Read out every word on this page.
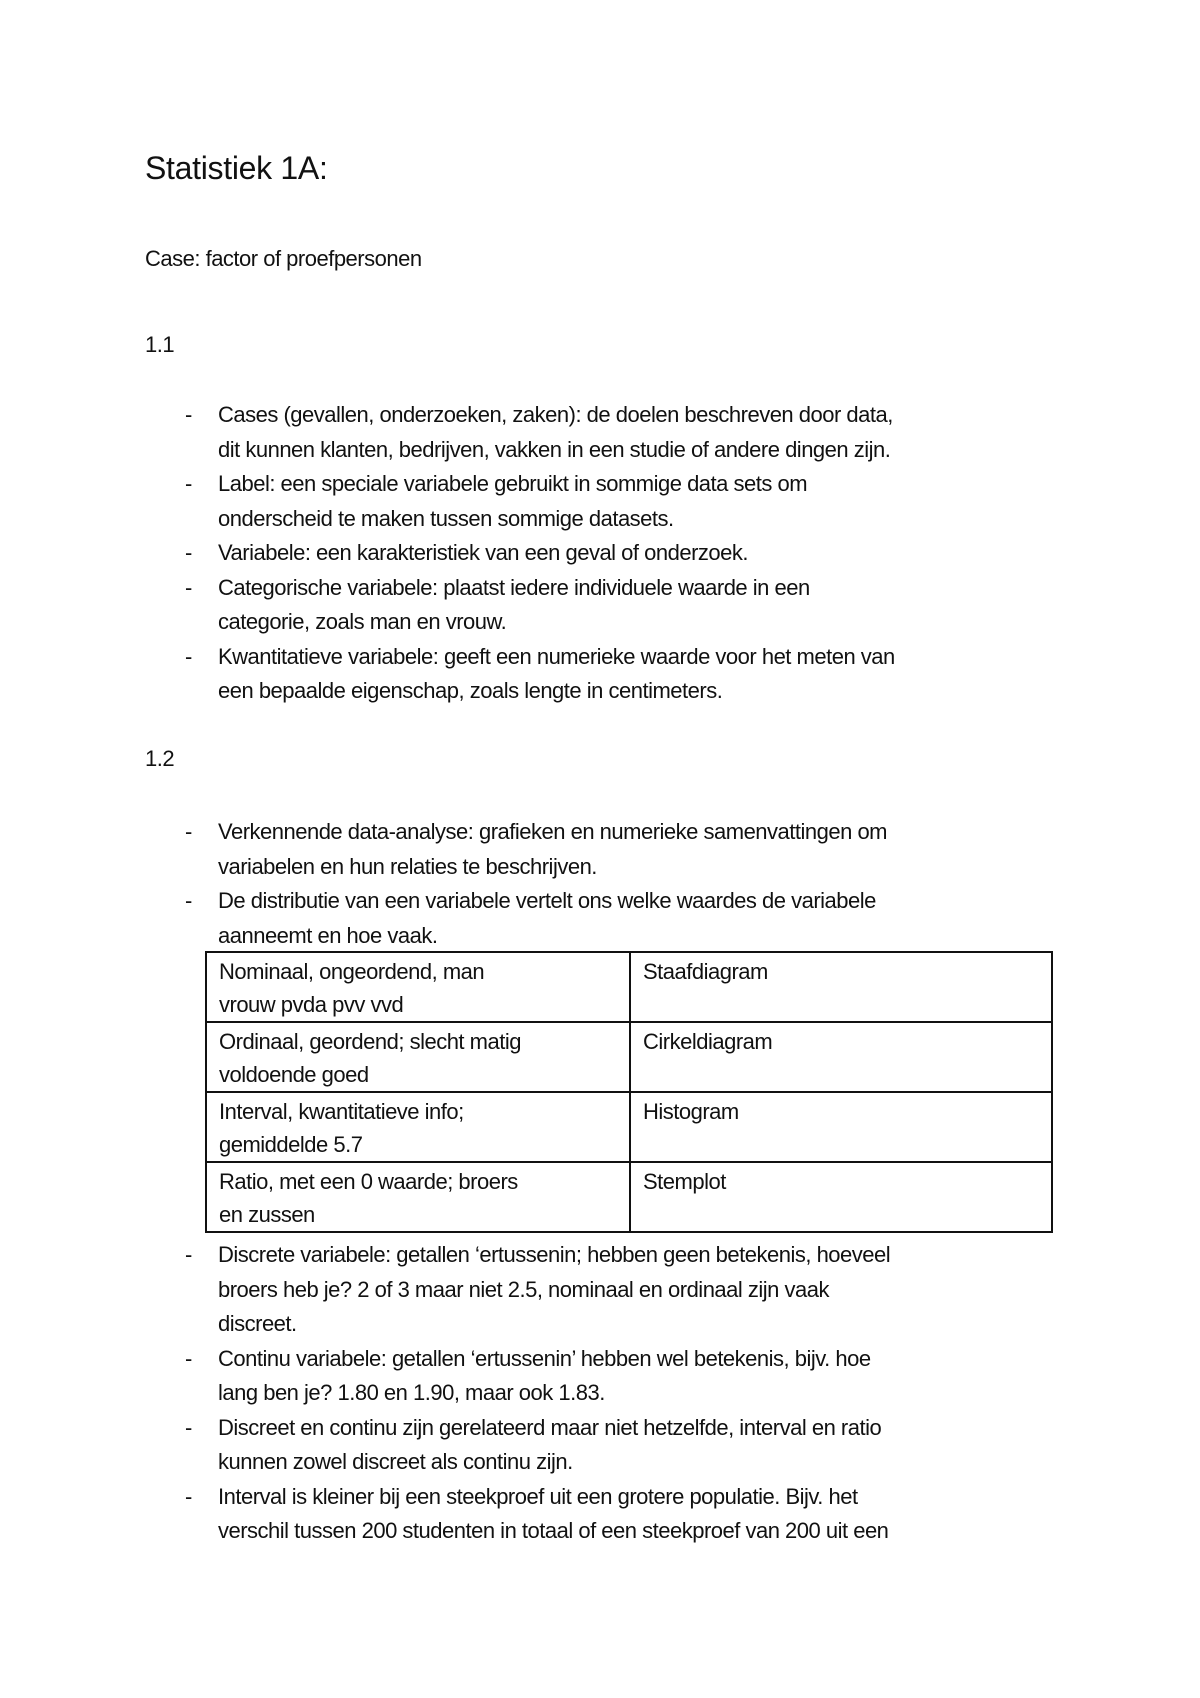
Statistiek 1A:
Case: factor of proefpersonen
1.1
- Cases (gevallen, onderzoeken, zaken): de doelen beschreven door data,
dit kunnen klanten, bedrijven, vakken in een studie of andere dingen zijn.
- Label: een speciale variabele gebruikt in sommige data sets om
onderscheid te maken tussen sommige datasets.
- Variabele: een karakteristiek van een geval of onderzoek.
- Categorische variabele: plaatst iedere individuele waarde in een
categorie, zoals man en vrouw.
- Kwantitatieve variabele: geeft een numerieke waarde voor het meten van
een bepaalde eigenschap, zoals lengte in centimeters.
1.2
- Verkennende data-analyse: grafieken en numerieke samenvattingen om
variabelen en hun relaties te beschrijven.
- De distributie van een variabele vertelt ons welke waardes de variabele
aanneemt en hoe vaak.
Nominaal, ongeordend, man
vrouw pvda pvv vvd	Staafdiagram

Ordinaal, geordend; slecht matig
voldoende goed	Cirkeldiagram

Interval, kwantitatieve info;
gemiddelde 5.7	Histogram

Ratio, met een 0 waarde; broers
en zussen	Stemplot
- Discrete variabele: getallen ‘ertussenin; hebben geen betekenis, hoeveel
broers heb je? 2 of 3 maar niet 2.5, nominaal en ordinaal zijn vaak
discreet.
- Continu variabele: getallen ‘ertussenin’ hebben wel betekenis, bijv. hoe
lang ben je? 1.80 en 1.90, maar ook 1.83.
- Discreet en continu zijn gerelateerd maar niet hetzelfde, interval en ratio
kunnen zowel discreet als continu zijn.
- Interval is kleiner bij een steekproef uit een grotere populatie. Bijv. het
verschil tussen 200 studenten in totaal of een steekproef van 200 uit een
